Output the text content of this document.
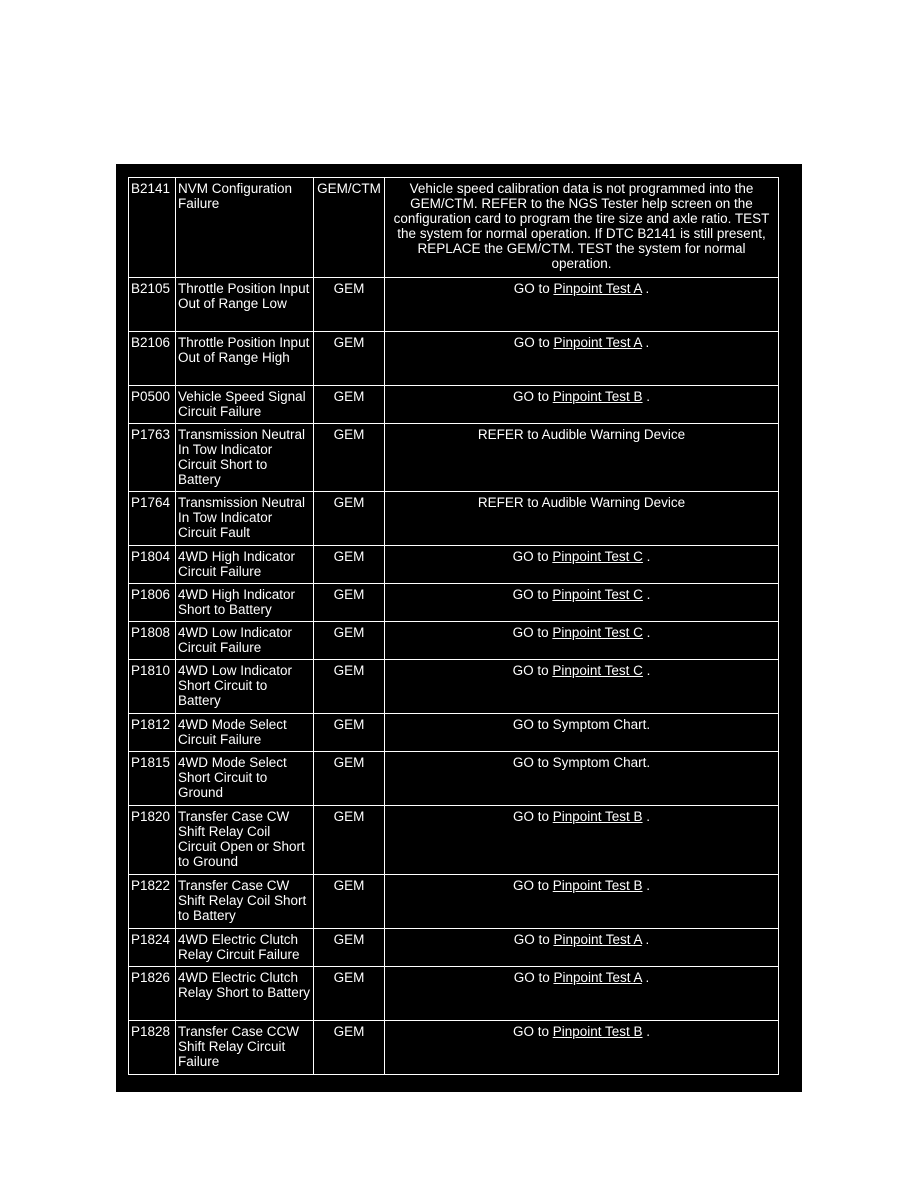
B2141	NVM Configuration Failure	GEM/CTM	Vehicle speed calibration data is not programmed into the GEM/CTM. REFER to the NGS Tester help screen on the configuration card to program the tire size and axle ratio. TEST the system for normal operation. If DTC B2141 is still present, REPLACE the GEM/CTM. TEST the system for normal operation.
B2105	Throttle Position Input Out of Range Low	GEM	GO to Pinpoint Test A .
B2106	Throttle Position Input Out of Range High	GEM	GO to Pinpoint Test A .
P0500	Vehicle Speed Signal Circuit Failure	GEM	GO to Pinpoint Test B .
P1763	Transmission Neutral In Tow Indicator Circuit Short to Battery	GEM	REFER to Audible Warning Device
P1764	Transmission Neutral In Tow Indicator Circuit Fault	GEM	REFER to Audible Warning Device
P1804	4WD High Indicator Circuit Failure	GEM	GO to Pinpoint Test C .
P1806	4WD High Indicator Short to Battery	GEM	GO to Pinpoint Test C .
P1808	4WD Low Indicator Circuit Failure	GEM	GO to Pinpoint Test C .
P1810	4WD Low Indicator Short Circuit to Battery	GEM	GO to Pinpoint Test C .
P1812	4WD Mode Select Circuit Failure	GEM	GO to Symptom Chart.
P1815	4WD Mode Select Short Circuit to Ground	GEM	GO to Symptom Chart.
P1820	Transfer Case CW Shift Relay Coil Circuit Open or Short to Ground	GEM	GO to Pinpoint Test B .
P1822	Transfer Case CW Shift Relay Coil Short to Battery	GEM	GO to Pinpoint Test B .
P1824	4WD Electric Clutch Relay Circuit Failure	GEM	GO to Pinpoint Test A .
P1826	4WD Electric Clutch Relay Short to Battery	GEM	GO to Pinpoint Test A .
P1828	Transfer Case CCW Shift Relay Circuit Failure	GEM	GO to Pinpoint Test B .
